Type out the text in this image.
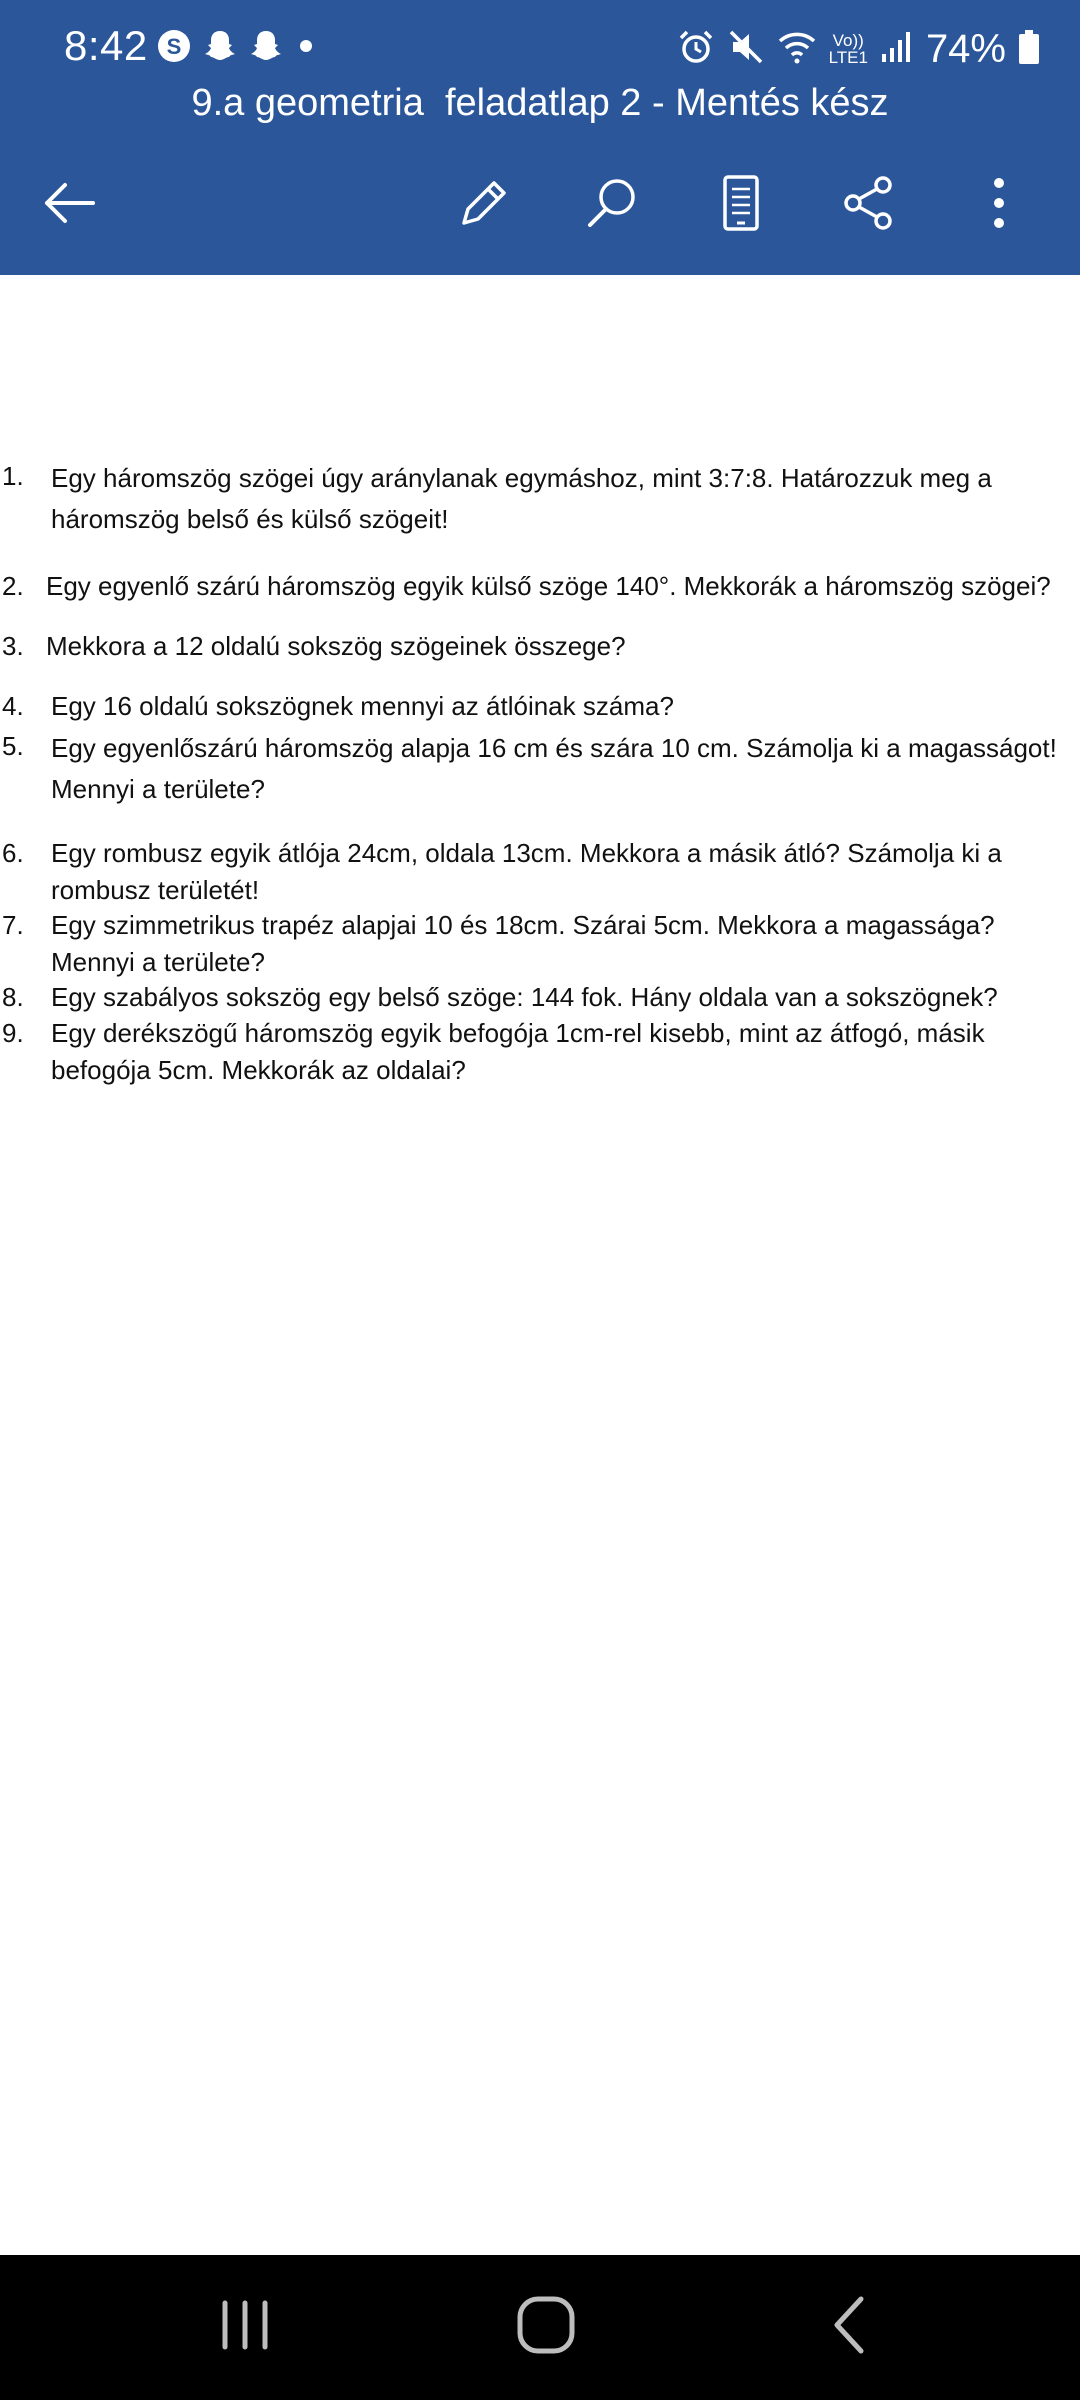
8:42 S	Vo))
LTE1 74%
9.a geometria  feladatlap 2 - Mentés kész
1. Egy háromszög szögei úgy aránylanak egymáshoz, mint 3:7:8. Határozzuk meg a háromszög belső és külső szögeit!
2. Egy egyenlő szárú háromszög egyik külső szöge 140°. Mekkorák a háromszög szögei?
3. Mekkora a 12 oldalú sokszög szögeinek összege?
4. Egy 16 oldalú sokszögnek mennyi az átlóinak száma?
5. Egy egyenlőszárú háromszög alapja 16 cm és szára 10 cm. Számolja ki a magasságot! Mennyi a területe?
6. Egy rombusz egyik átlója 24cm, oldala 13cm. Mekkora a másik átló? Számolja ki a rombusz területét!
7. Egy szimmetrikus trapéz alapjai 10 és 18cm. Szárai 5cm. Mekkora a magassága? Mennyi a területe?
8. Egy szabályos sokszög egy belső szöge: 144 fok. Hány oldala van a sokszögnek?
9. Egy derékszögű háromszög egyik befogója 1cm-rel kisebb, mint az átfogó, másik befogója 5cm. Mekkorák az oldalai?
